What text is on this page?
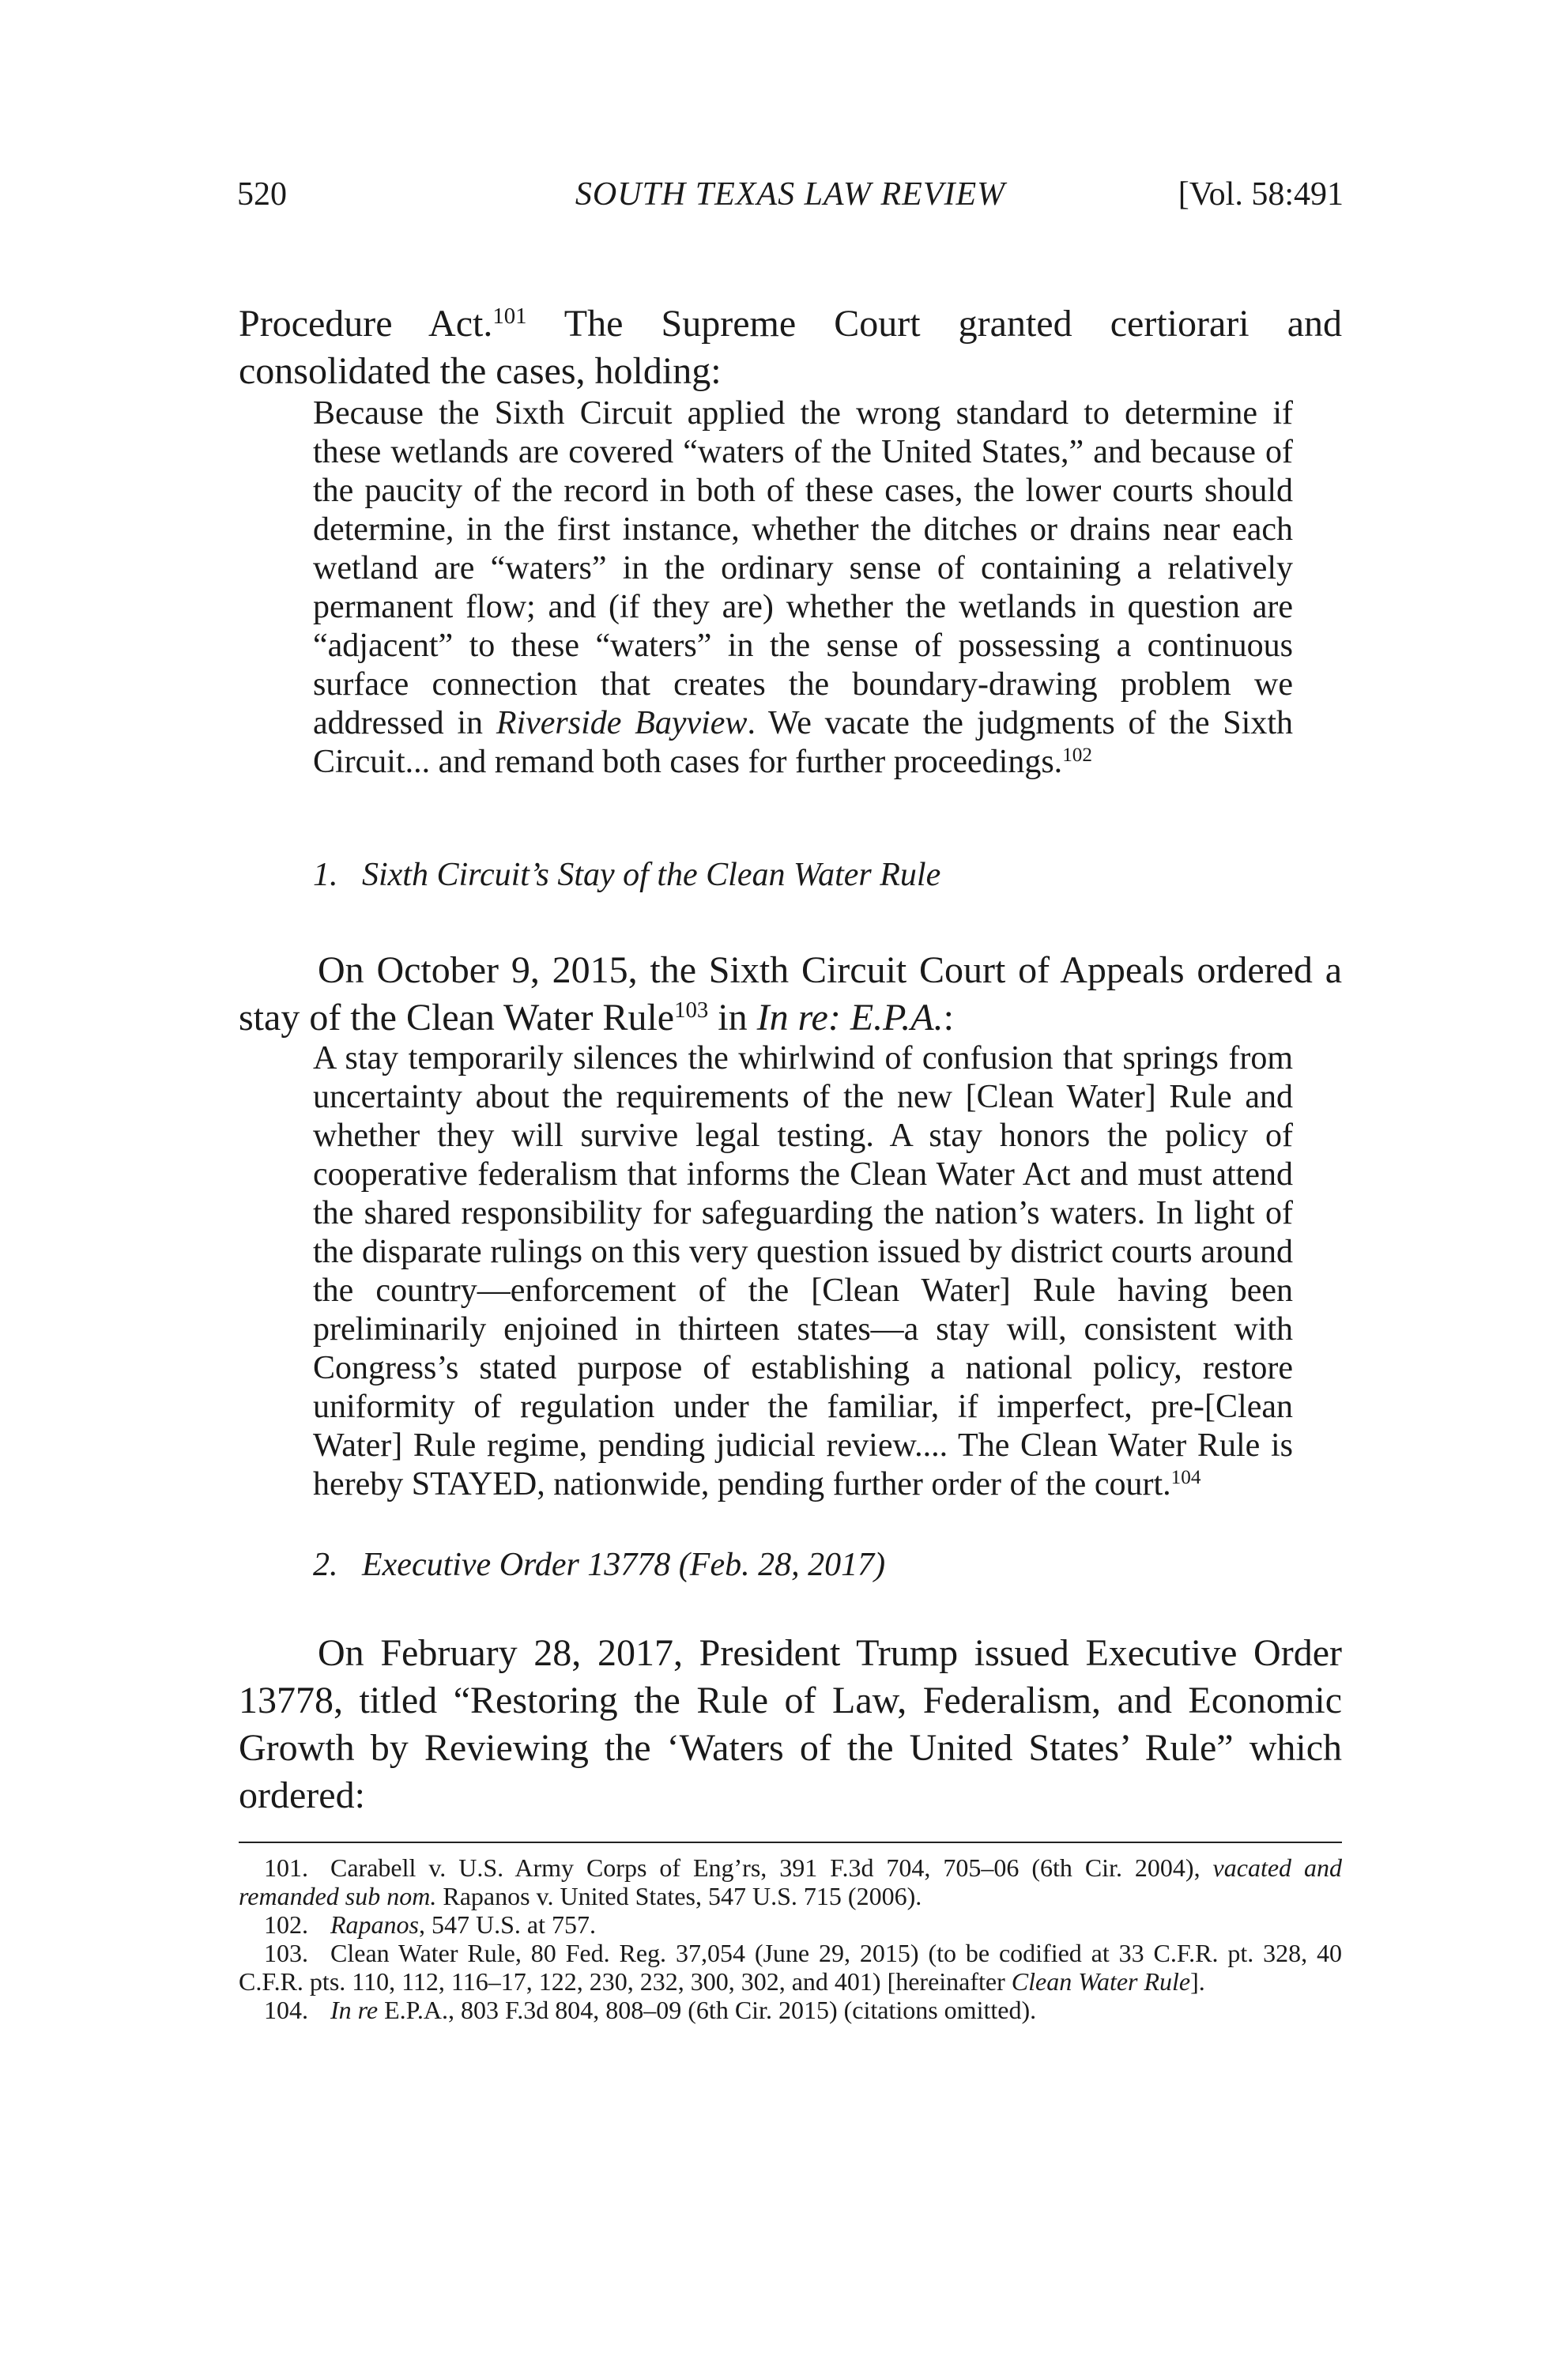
520	SOUTH TEXAS LAW REVIEW	[Vol. 58:491

Procedure Act.$^{101}$ The Supreme Court granted certiorari and consolidated the cases, holding:

Because the Sixth Circuit applied the wrong standard to determine if these wetlands are covered “waters of the United States,” and because of the paucity of the record in both of these cases, the lower courts should determine, in the first instance, whether the ditches or drains near each wetland are “waters” in the ordinary sense of containing a relatively permanent flow; and (if they are) whether the wetlands in question are “adjacent” to these “waters” in the sense of possessing a continuous surface connection that creates the boundary-drawing problem we addressed in Riverside Bayview. We vacate the judgments of the Sixth Circuit... and remand both cases for further proceedings.$^{102}$

1. Sixth Circuit’s Stay of the Clean Water Rule

On October 9, 2015, the Sixth Circuit Court of Appeals ordered a stay of the Clean Water Rule$^{103}$ in In re: E.P.A.:

A stay temporarily silences the whirlwind of confusion that springs from uncertainty about the requirements of the new [Clean Water] Rule and whether they will survive legal testing. A stay honors the policy of cooperative federalism that informs the Clean Water Act and must attend the shared responsibility for safeguarding the nation’s waters. In light of the disparate rulings on this very question issued by district courts around the country—enforcement of the [Clean Water] Rule having been preliminarily enjoined in thirteen states—a stay will, consistent with Congress’s stated purpose of establishing a national policy, restore uniformity of regulation under the familiar, if imperfect, pre-[Clean Water] Rule regime, pending judicial review.... The Clean Water Rule is hereby STAYED, nationwide, pending further order of the court.$^{104}$

2. Executive Order 13778 (Feb. 28, 2017)

On February 28, 2017, President Trump issued Executive Order 13778, titled “Restoring the Rule of Law, Federalism, and Economic Growth by Reviewing the ‘Waters of the United States’ Rule” which ordered:

101. Carabell v. U.S. Army Corps of Eng’rs, 391 F.3d 704, 705–06 (6th Cir. 2004), vacated and remanded sub nom. Rapanos v. United States, 547 U.S. 715 (2006).

102. Rapanos, 547 U.S. at 757.

103. Clean Water Rule, 80 Fed. Reg. 37,054 (June 29, 2015) (to be codified at 33 C.F.R. pt. 328, 40 C.F.R. pts. 110, 112, 116–17, 122, 230, 232, 300, 302, and 401) [hereinafter Clean Water Rule].

104. In re E.P.A., 803 F.3d 804, 808–09 (6th Cir. 2015) (citations omitted).
